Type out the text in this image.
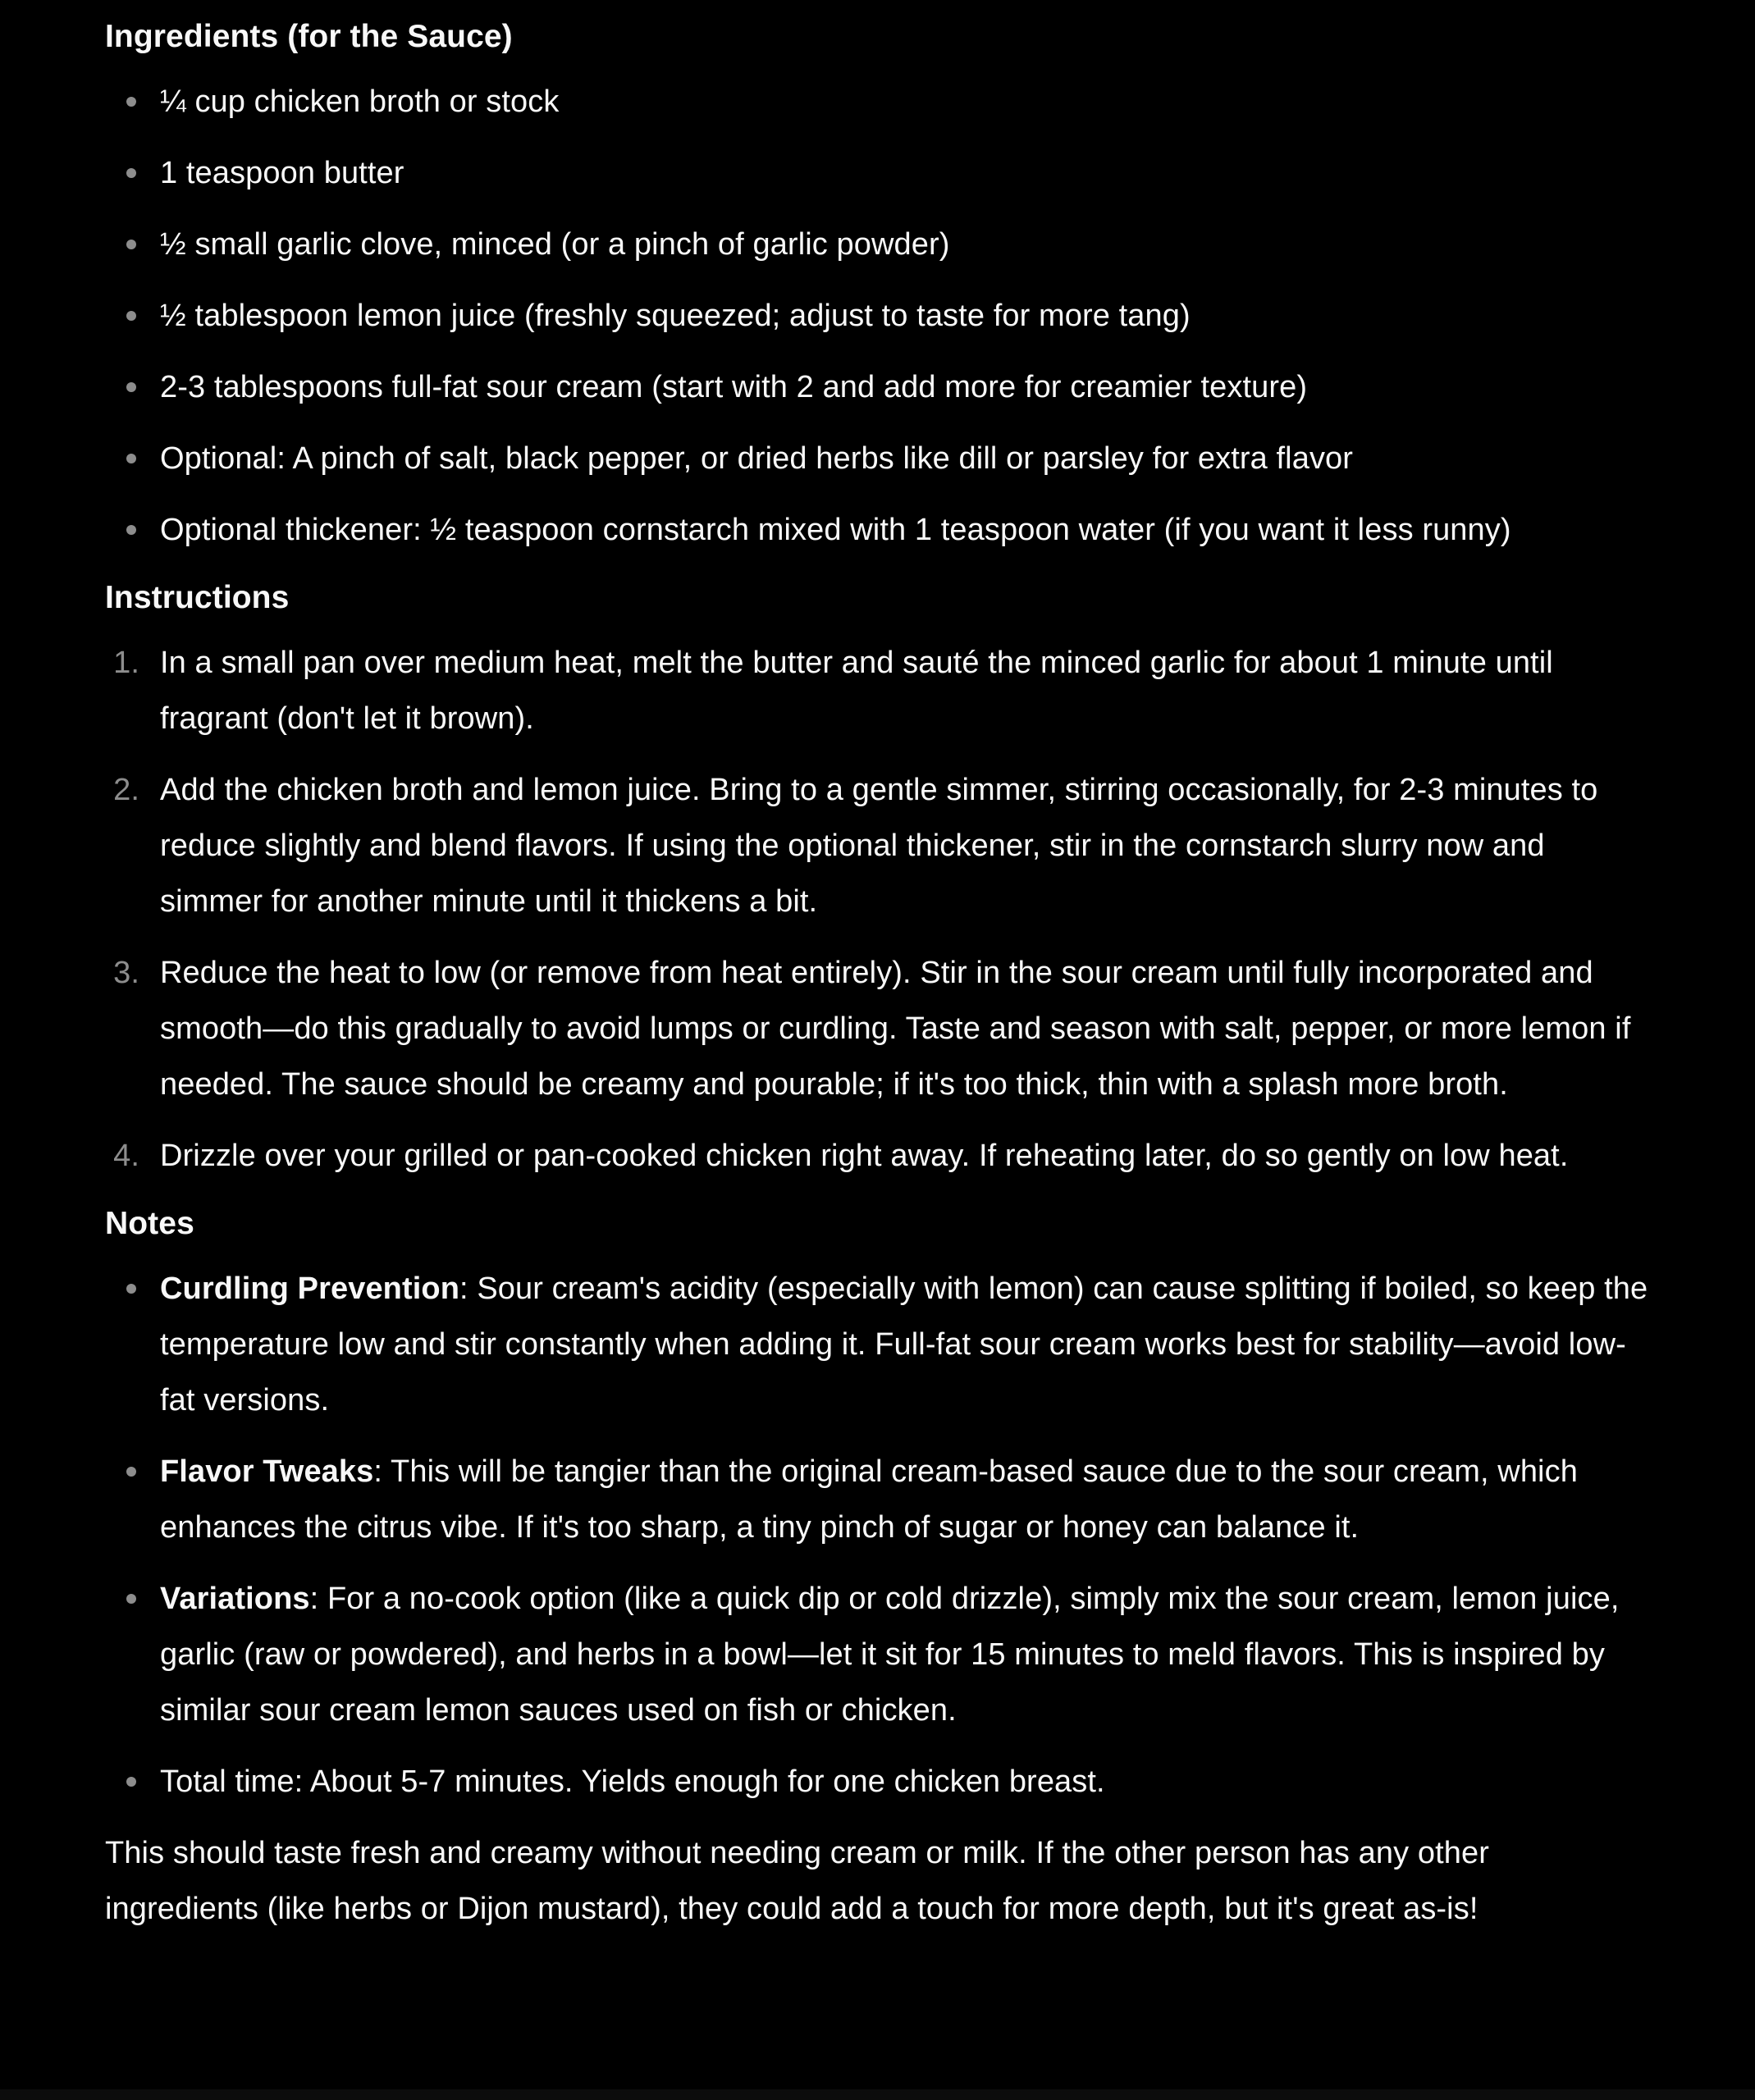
Ingredients (for the Sauce)
¼ cup chicken broth or stock
1 teaspoon butter
½ small garlic clove, minced (or a pinch of garlic powder)
½ tablespoon lemon juice (freshly squeezed; adjust to taste for more tang)
2-3 tablespoons full-fat sour cream (start with 2 and add more for creamier texture)
Optional: A pinch of salt, black pepper, or dried herbs like dill or parsley for extra flavor
Optional thickener: ½ teaspoon cornstarch mixed with 1 teaspoon water (if you want it less runny)
Instructions
1. In a small pan over medium heat, melt the butter and sauté the minced garlic for about 1 minute until fragrant (don't let it brown).
2. Add the chicken broth and lemon juice. Bring to a gentle simmer, stirring occasionally, for 2-3 minutes to reduce slightly and blend flavors. If using the optional thickener, stir in the cornstarch slurry now and simmer for another minute until it thickens a bit.
3. Reduce the heat to low (or remove from heat entirely). Stir in the sour cream until fully incorporated and smooth—do this gradually to avoid lumps or curdling. Taste and season with salt, pepper, or more lemon if needed. The sauce should be creamy and pourable; if it's too thick, thin with a splash more broth.
4. Drizzle over your grilled or pan-cooked chicken right away. If reheating later, do so gently on low heat.
Notes
Curdling Prevention: Sour cream's acidity (especially with lemon) can cause splitting if boiled, so keep the temperature low and stir constantly when adding it. Full-fat sour cream works best for stability—avoid low-fat versions.
Flavor Tweaks: This will be tangier than the original cream-based sauce due to the sour cream, which enhances the citrus vibe. If it's too sharp, a tiny pinch of sugar or honey can balance it.
Variations: For a no-cook option (like a quick dip or cold drizzle), simply mix the sour cream, lemon juice, garlic (raw or powdered), and herbs in a bowl—let it sit for 15 minutes to meld flavors. This is inspired by similar sour cream lemon sauces used on fish or chicken.
Total time: About 5-7 minutes. Yields enough for one chicken breast.

This should taste fresh and creamy without needing cream or milk. If the other person has any other ingredients (like herbs or Dijon mustard), they could add a touch for more depth, but it's great as-is!
